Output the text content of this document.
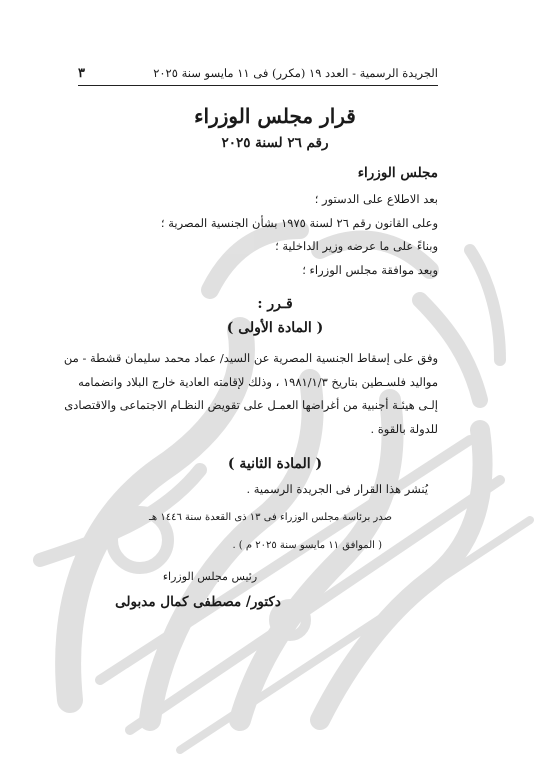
الجريدة الرسمية - العدد ١٩ (مكرر) فى ١١ مايسو سنة ٢٠٢٥
٣
قرار مجلس الوزراء
رقم ٢٦ لسنة ٢٠٢٥
مجلس الوزراء
بعد الاطلاع على الدستور ؛
وعلى القانون رقم ٢٦ لسنة ١٩٧٥ بشأن الجنسية المصرية ؛
وبناءً على ما عرضه وزير الداخلية ؛
وبعد موافقة مجلس الوزراء ؛
قـرر :
( المادة الأولى )
وفق على إسقاط الجنسية المصرية عن السيد/ عماد محمد سليمان قشطة - من
مواليد فلسـطين بتاريخ ١٩٨١/١/٣ ، وذلك لإقامته العادية خارج البلاد وانضمامه
إلـى هيئـة أجنبية من أغراضها العمـل على تقويض النظـام الاجتماعى والاقتصادى
للدولة بالقوة .
( المادة الثانية )
يُنشر هذا القرار فى الجريدة الرسمية .
صدر برئاسة مجلس الوزراء فى ١٣ ذى القعدة سنة ١٤٤٦ هـ
( الموافق ١١ مايسو سنة ٢٠٢٥ م ) .
رئيس مجلس الوزراء
دكتور/ مصطفى كمال مدبولى
